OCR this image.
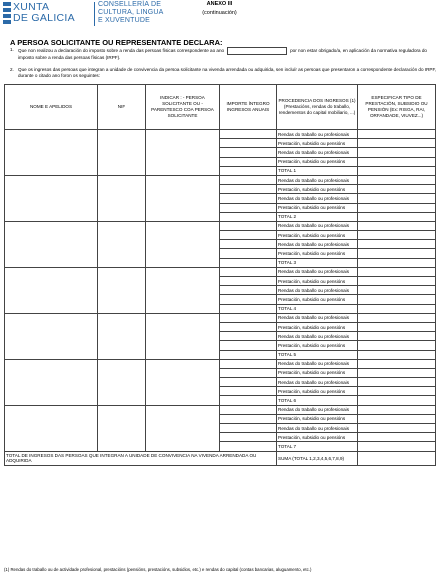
XUNTA
DE GALICIA
CONSELLERÍA DE
CULTURA, LINGUA
E XUVENTUDE
ANEXO III
(continuación)
A PERSOA SOLICITANTE OU REPRESENTANTE DECLARA:
1. Que non realizou a declaración do imposto sobre a renda das persoas físicas correspondente ao ano	por non estar obrigado/a, en aplicación da normativa reguladora do imposto sobre a renda das persoas físicas (IRPF).
2. Que os ingresos das persoas que integran a unidade de convivencia da persoa solicitante na vivenda arrendada ou adquirida, sen incluír as persoas que presentaron a correspondente declaración do IRPF, durante o citado ano foron os seguintes:
NOME E APELIDOS	NIF	INDICAR : - PERSOA SOLICITANTE OU - PARENTESCO COA PERSOA SOLICITANTE	IMPORTE ÍNTEGRO INGRESOS ANUAIS	PROCEDENCIA DOS INGRESOS (1) (Prestacións, rendas do traballo, rendementos do capital mobiliario, ...)	ESPECIFICAR TIPO DE PRESTACIÓN, SUBSIDIO OU PENSIÓN (Ex: RISGA, RAI, ORFANDADE, VIUVEZ...)
				Rendas do traballo ou profesionais	
				Prestación, subsidio ou pensións	
				Rendas do traballo ou profesionais	
				Prestación, subsidio ou pensións	
				TOTAL 1	
				Rendas do traballo ou profesionais	
				Prestación, subsidio ou pensións	
				Rendas do traballo ou profesionais	
				Prestación, subsidio ou pensións	
				TOTAL 2	
				Rendas do traballo ou profesionais	
				Prestación, subsidio ou pensións	
				Rendas do traballo ou profesionais	
				Prestación, subsidio ou pensións	
				TOTAL 3	
				Rendas do traballo ou profesionais	
				Prestación, subsidio ou pensións	
				Rendas do traballo ou profesionais	
				Prestación, subsidio ou pensións	
				TOTAL 4	
				Rendas do traballo ou profesionais	
				Prestación, subsidio ou pensións	
				Rendas do traballo ou profesionais	
				Prestación, subsidio ou pensións	
				TOTAL 5	
				Rendas do traballo ou profesionais	
				Prestación, subsidio ou pensións	
				Rendas do traballo ou profesionais	
				Prestación, subsidio ou pensións	
				TOTAL 6	
				Rendas do traballo ou profesionais	
				Prestación, subsidio ou pensións	
				Rendas do traballo ou profesionais	
				Prestación, subsidio ou pensións	
				TOTAL 7	
TOTAL DE INGRESOS DAS PERSOAS QUE INTEGRAN A UNIDADE DE CONVIVENCIA NA VIVENDA ARRENDADA OU ADQUIRIDA				SUMA (TOTAL 1,2,3,4,5,6,7,8,9)	
(1) Rendas do traballo ou de actividade profesional, prestacións (pensións, prestacións, subsidios, etc.) e rendas do capital (contas bancarias, aluguamento, etc.)
